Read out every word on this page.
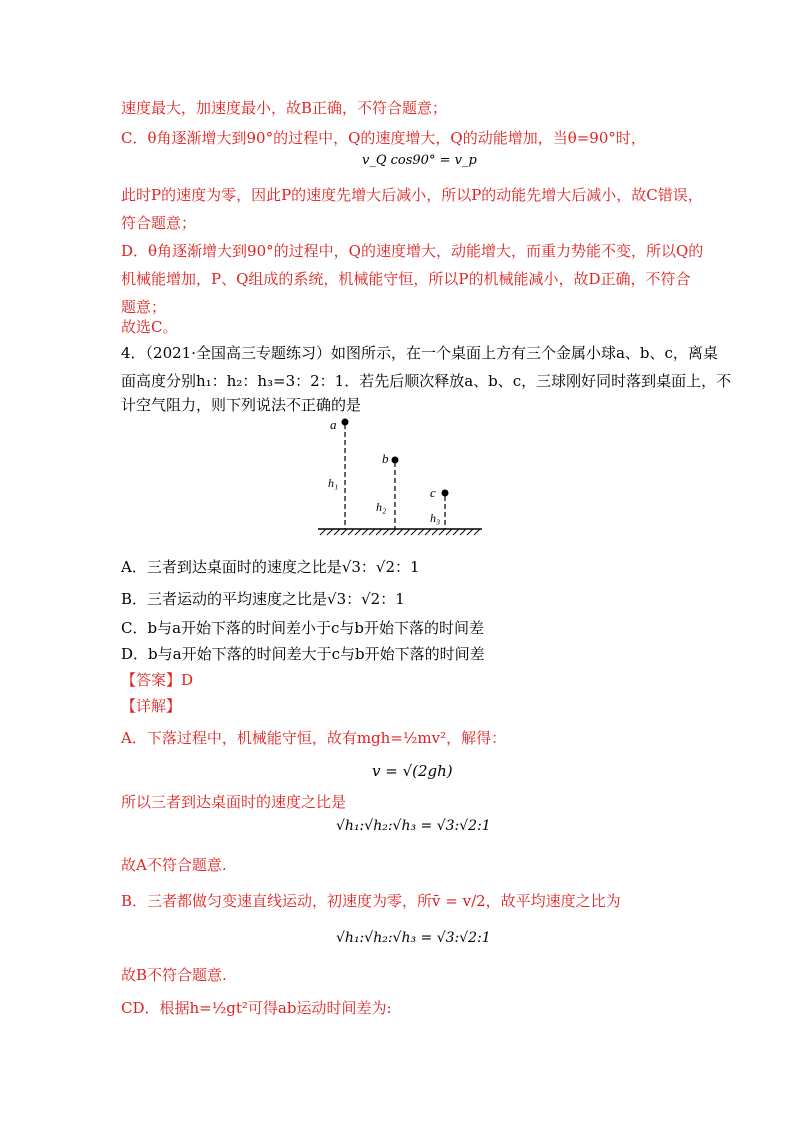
速度最大，加速度最小，故B正确，不符合题意；
C．θ角逐渐增大到90°的过程中，Q的速度增大，Q的动能增加，当θ=90°时，
v_Q cos90° = v_p
此时P的速度为零，因此P的速度先增大后减小，所以P的动能先增大后减小，故C错误，
符合题意；
D．θ角逐渐增大到90°的过程中，Q的速度增大，动能增大，而重力势能不变，所以Q的
机械能增加，P、Q组成的系统，机械能守恒，所以P的机械能减小，故D正确，不符合
题意；
故选C。
4．（2021·全国高三专题练习）如图所示，在一个桌面上方有三个金属小球a、b、c，离桌
面高度分别h₁：h₂：h₃=3：2：1．若先后顺次释放a、b、c，三球刚好同时落到桌面上，不
计空气阻力，则下列说法不正确的是
a
h₁
b
h₂
c
h₃
A．三者到达桌面时的速度之比是√3：√2：1
B．三者运动的平均速度之比是√3：√2：1
C．b与a开始下落的时间差小于c与b开始下落的时间差
D．b与a开始下落的时间差大于c与b开始下落的时间差
【答案】D
【详解】
A．下落过程中，机械能守恒，故有mgh=½mv²，解得：
v = √(2gh)
所以三者到达桌面时的速度之比是
√h₁:√h₂:√h₃ = √3:√2:1
故A不符合题意.
B．三者都做匀变速直线运动，初速度为零，所v̄ = v/2，故平均速度之比为
√h₁:√h₂:√h₃ = √3:√2:1
故B不符合题意.
CD．根据h=½gt²可得ab运动时间差为:
